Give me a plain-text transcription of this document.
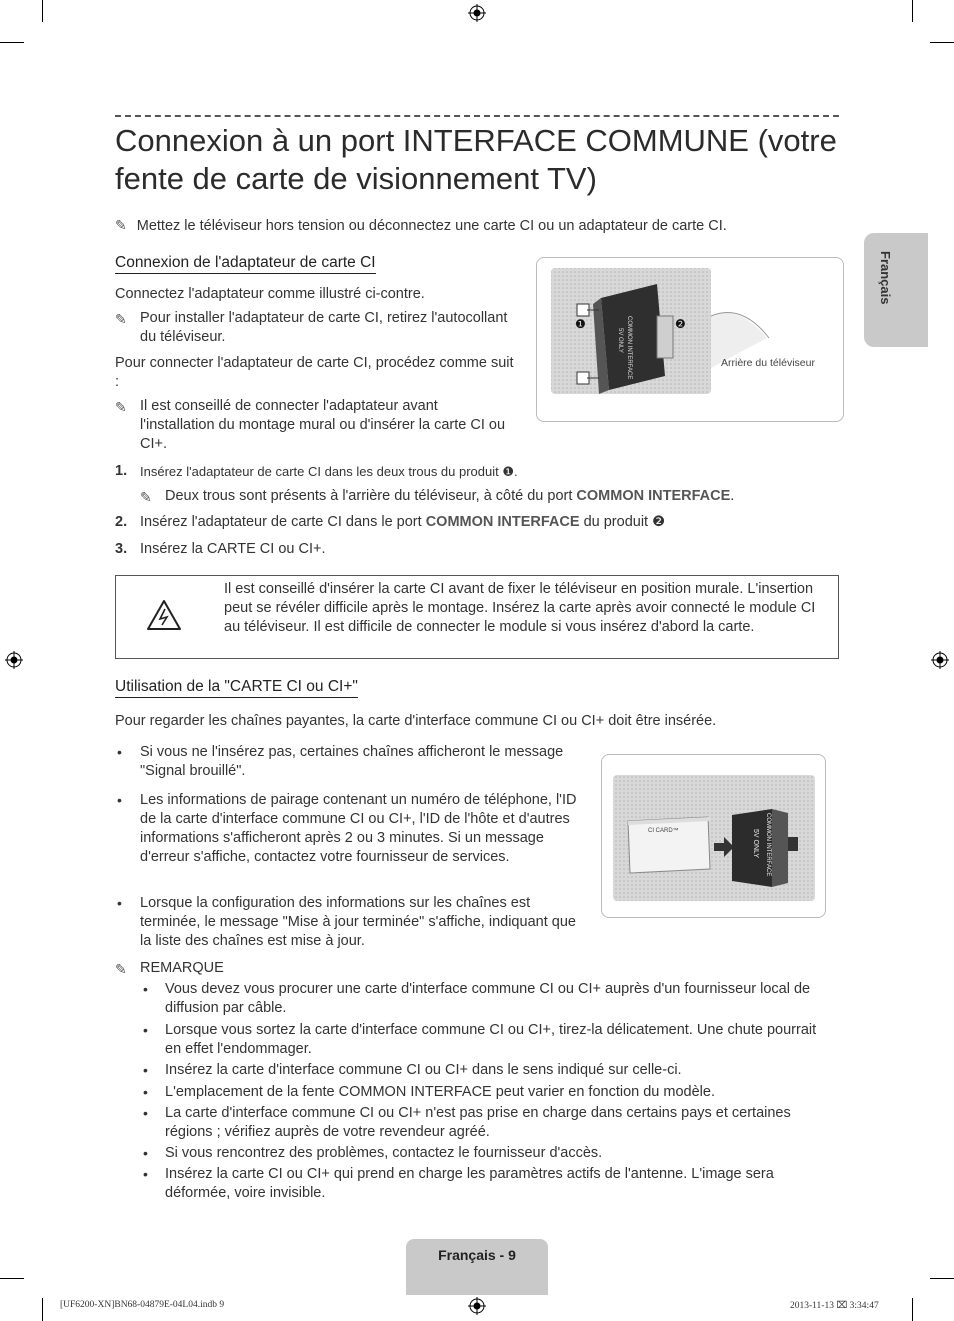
Connexion à un port INTERFACE COMMUNE (votre fente de carte de visionnement TV)
Français
✎ Mettez le téléviseur hors tension ou déconnectez une carte CI ou un adaptateur de carte CI.
Connexion de l'adaptateur de carte CI
Connectez l'adaptateur comme illustré ci-contre.
✎ Pour installer l'adaptateur de carte CI, retirez l'autocollant du téléviseur.
Pour connecter l'adaptateur de carte CI, procédez comme suit :
✎ Il est conseillé de connecter l'adaptateur avant l'installation du montage mural ou d'insérer la carte CI ou CI+.
COMMON INTERFACE
5V ONLY
❶	❷
Arrière du téléviseur
1. Insérez l'adaptateur de carte CI dans les deux trous du produit ❶.
✎ Deux trous sont présents à l'arrière du téléviseur, à côté du port COMMON INTERFACE.
2. Insérez l'adaptateur de carte CI dans le port COMMON INTERFACE du produit ❷
3. Insérez la CARTE CI ou CI+.
Il est conseillé d'insérer la carte CI avant de fixer le téléviseur en position murale. L'insertion peut se révéler difficile après le montage. Insérez la carte après avoir connecté le module CI au téléviseur. Il est difficile de connecter le module si vous insérez d'abord la carte.
Utilisation de la "CARTE CI ou CI+"
Pour regarder les chaînes payantes, la carte d'interface commune CI ou CI+ doit être insérée.
• Si vous ne l'insérez pas, certaines chaînes afficheront le message "Signal brouillé".
• Les informations de pairage contenant un numéro de téléphone, l'ID de la carte d'interface commune CI ou CI+, l'ID de l'hôte et d'autres informations s'afficheront après 2 ou 3 minutes. Si un message d'erreur s'affiche, contactez votre fournisseur de services.
• Lorsque la configuration des informations sur les chaînes est terminée, le message "Mise à jour terminée" s'affiche, indiquant que la liste des chaînes est mise à jour.
CI CARD™	COMMON INTERFACE
5V ONLY
✎ REMARQUE
• Vous devez vous procurer une carte d'interface commune CI ou CI+ auprès d'un fournisseur local de diffusion par câble.
• Lorsque vous sortez la carte d'interface commune CI ou CI+, tirez-la délicatement. Une chute pourrait en effet l'endommager.
• Insérez la carte d'interface commune CI ou CI+ dans le sens indiqué sur celle-ci.
• L'emplacement de la fente COMMON INTERFACE peut varier en fonction du modèle.
• La carte d'interface commune CI ou CI+ n'est pas prise en charge dans certains pays et certaines régions ; vérifiez auprès de votre revendeur agréé.
• Si vous rencontrez des problèmes, contactez le fournisseur d'accès.
• Insérez la carte CI ou CI+ qui prend en charge les paramètres actifs de l'antenne. L'image sera déformée, voire invisible.
Français - 9
[UF6200-XN]BN68-04879E-04L04.indb 9	2013-11-13 ⌧ 3:34:47
